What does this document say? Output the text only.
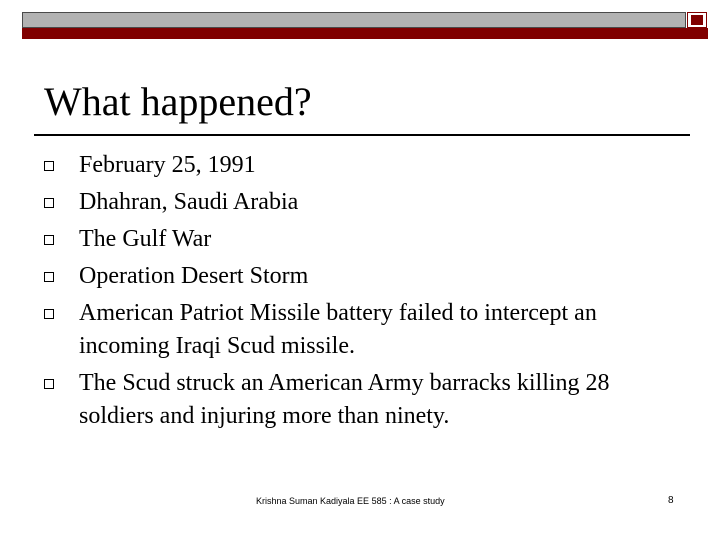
What happened?
February 25, 1991
Dhahran, Saudi Arabia
The Gulf War
Operation Desert Storm
American Patriot Missile battery failed to intercept an incoming Iraqi Scud missile.
The Scud struck an American Army barracks killing 28 soldiers and injuring more than ninety.
Krishna Suman Kadiyala EE 585 : A case study	8
